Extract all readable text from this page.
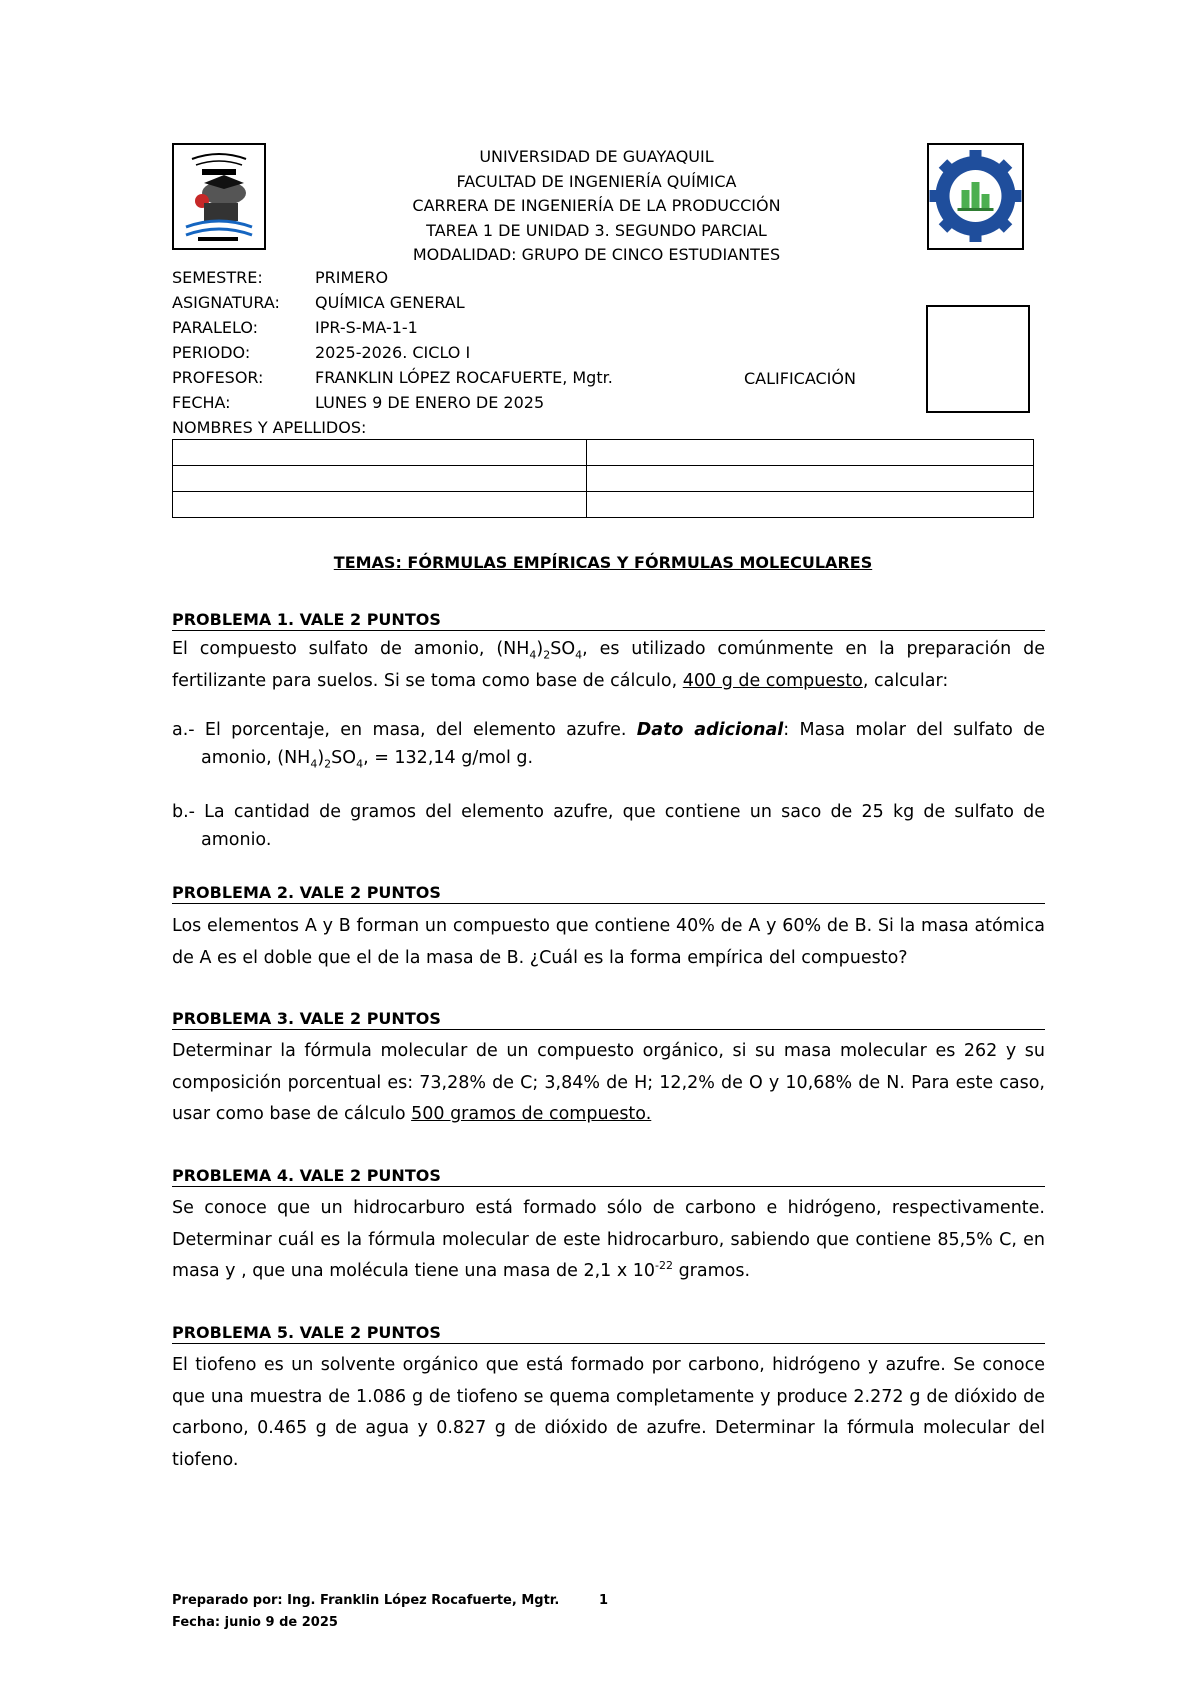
UNIVERSIDAD DE GUAYAQUIL
FACULTAD DE INGENIERÍA QUÍMICA
CARRERA DE INGENIERÍA DE LA PRODUCCIÓN
TAREA 1 DE UNIDAD 3. SEGUNDO PARCIAL
MODALIDAD: GRUPO DE CINCO ESTUDIANTES
SEMESTRE:	PRIMERO
ASIGNATURA: QUÍMICA GENERAL
PARALELO:	IPR-S-MA-1-1
PERIODO:	2025-2026. CICLO I
PROFESOR:	FRANKLIN LÓPEZ ROCAFUERTE, Mgtr.	CALIFICACIÓN
FECHA:	LUNES 9 DE ENERO DE 2025
NOMBRES Y APELLIDOS:

TEMAS: FÓRMULAS EMPÍRICAS Y FÓRMULAS MOLECULARES
PROBLEMA 1. VALE 2 PUNTOS
El compuesto sulfato de amonio, $(NH_4)_2SO_4$, es utilizado comúnmente en la preparación de fertilizante para suelos. Si se toma como base de cálculo, 400 g de compuesto, calcular:
a.- El porcentaje, en masa, del elemento azufre. Dato adicional: Masa molar del sulfato de amonio, $(NH_4)_2SO_4$, = 132,14 g/mol g.
b.- La cantidad de gramos del elemento azufre, que contiene un saco de 25 kg de sulfato de amonio.
PROBLEMA 2. VALE 2 PUNTOS
Los elementos A y B forman un compuesto que contiene 40% de A y 60% de B. Si la masa atómica de A es el doble que el de la masa de B. ¿Cuál es la forma empírica del compuesto?
PROBLEMA 3. VALE 2 PUNTOS
Determinar la fórmula molecular de un compuesto orgánico, si su masa molecular es 262 y su composición porcentual es: 73,28% de C; 3,84% de H; 12,2% de O y 10,68% de N. Para este caso, usar como base de cálculo 500 gramos de compuesto.
PROBLEMA 4. VALE 2 PUNTOS
Se conoce que un hidrocarburo está formado sólo de carbono e hidrógeno, respectivamente. Determinar cuál es la fórmula molecular de este hidrocarburo, sabiendo que contiene 85,5% C, en masa y , que una molécula tiene una masa de 2,1 x $10^{-22}$ gramos.
PROBLEMA 5. VALE 2 PUNTOS
El tiofeno es un solvente orgánico que está formado por carbono, hidrógeno y azufre. Se conoce que una muestra de 1.086 g de tiofeno se quema completamente y produce 2.272 g de dióxido de carbono, 0.465 g de agua y 0.827 g de dióxido de azufre. Determinar la fórmula molecular del tiofeno.
Preparado por: Ing. Franklin López Rocafuerte, Mgtr.	1
Fecha: junio 9 de 2025
